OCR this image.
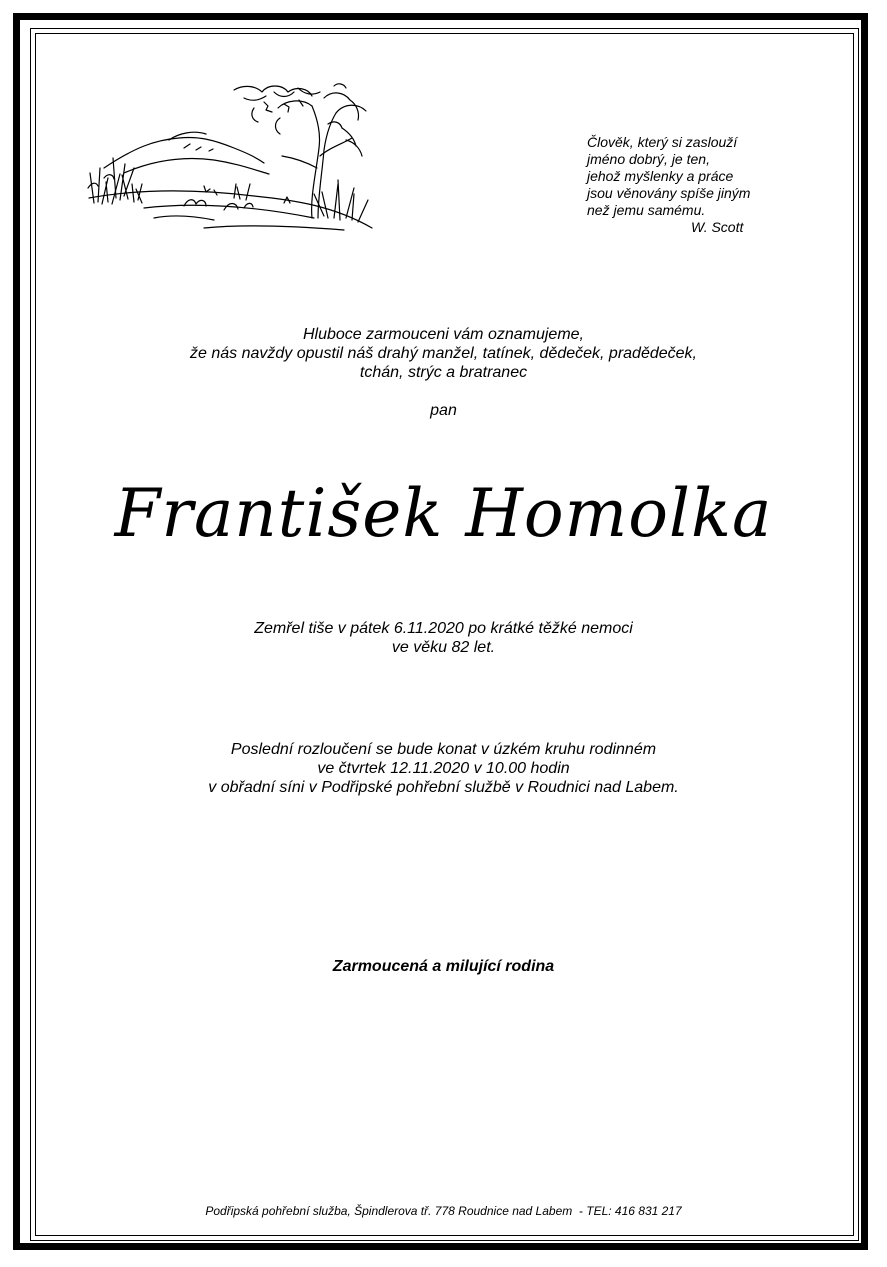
Člověk, který si zaslouží
jméno dobrý, je ten,
jehož myšlenky a práce
jsou věnovány spíše jiným
než jemu samému.
W. Scott
Hluboce zarmouceni vám oznamujeme,
že nás navždy opustil náš drahý manžel, tatínek, dědeček, pradědeček,
tchán, strýc a bratranec
pan
František Homolka
Zemřel tiše v pátek 6.11.2020 po krátké těžké nemoci
ve věku 82 let.
Poslední rozloučení se bude konat v úzkém kruhu rodinném
ve čtvrtek 12.11.2020 v 10.00 hodin
v obřadní síni v Podřipské pohřební službě v Roudnici nad Labem.
Zarmoucená a milující rodina
Podřipská pohřební služba, Špindlerova tř. 778 Roudnice nad Labem  - TEL: 416 831 217
